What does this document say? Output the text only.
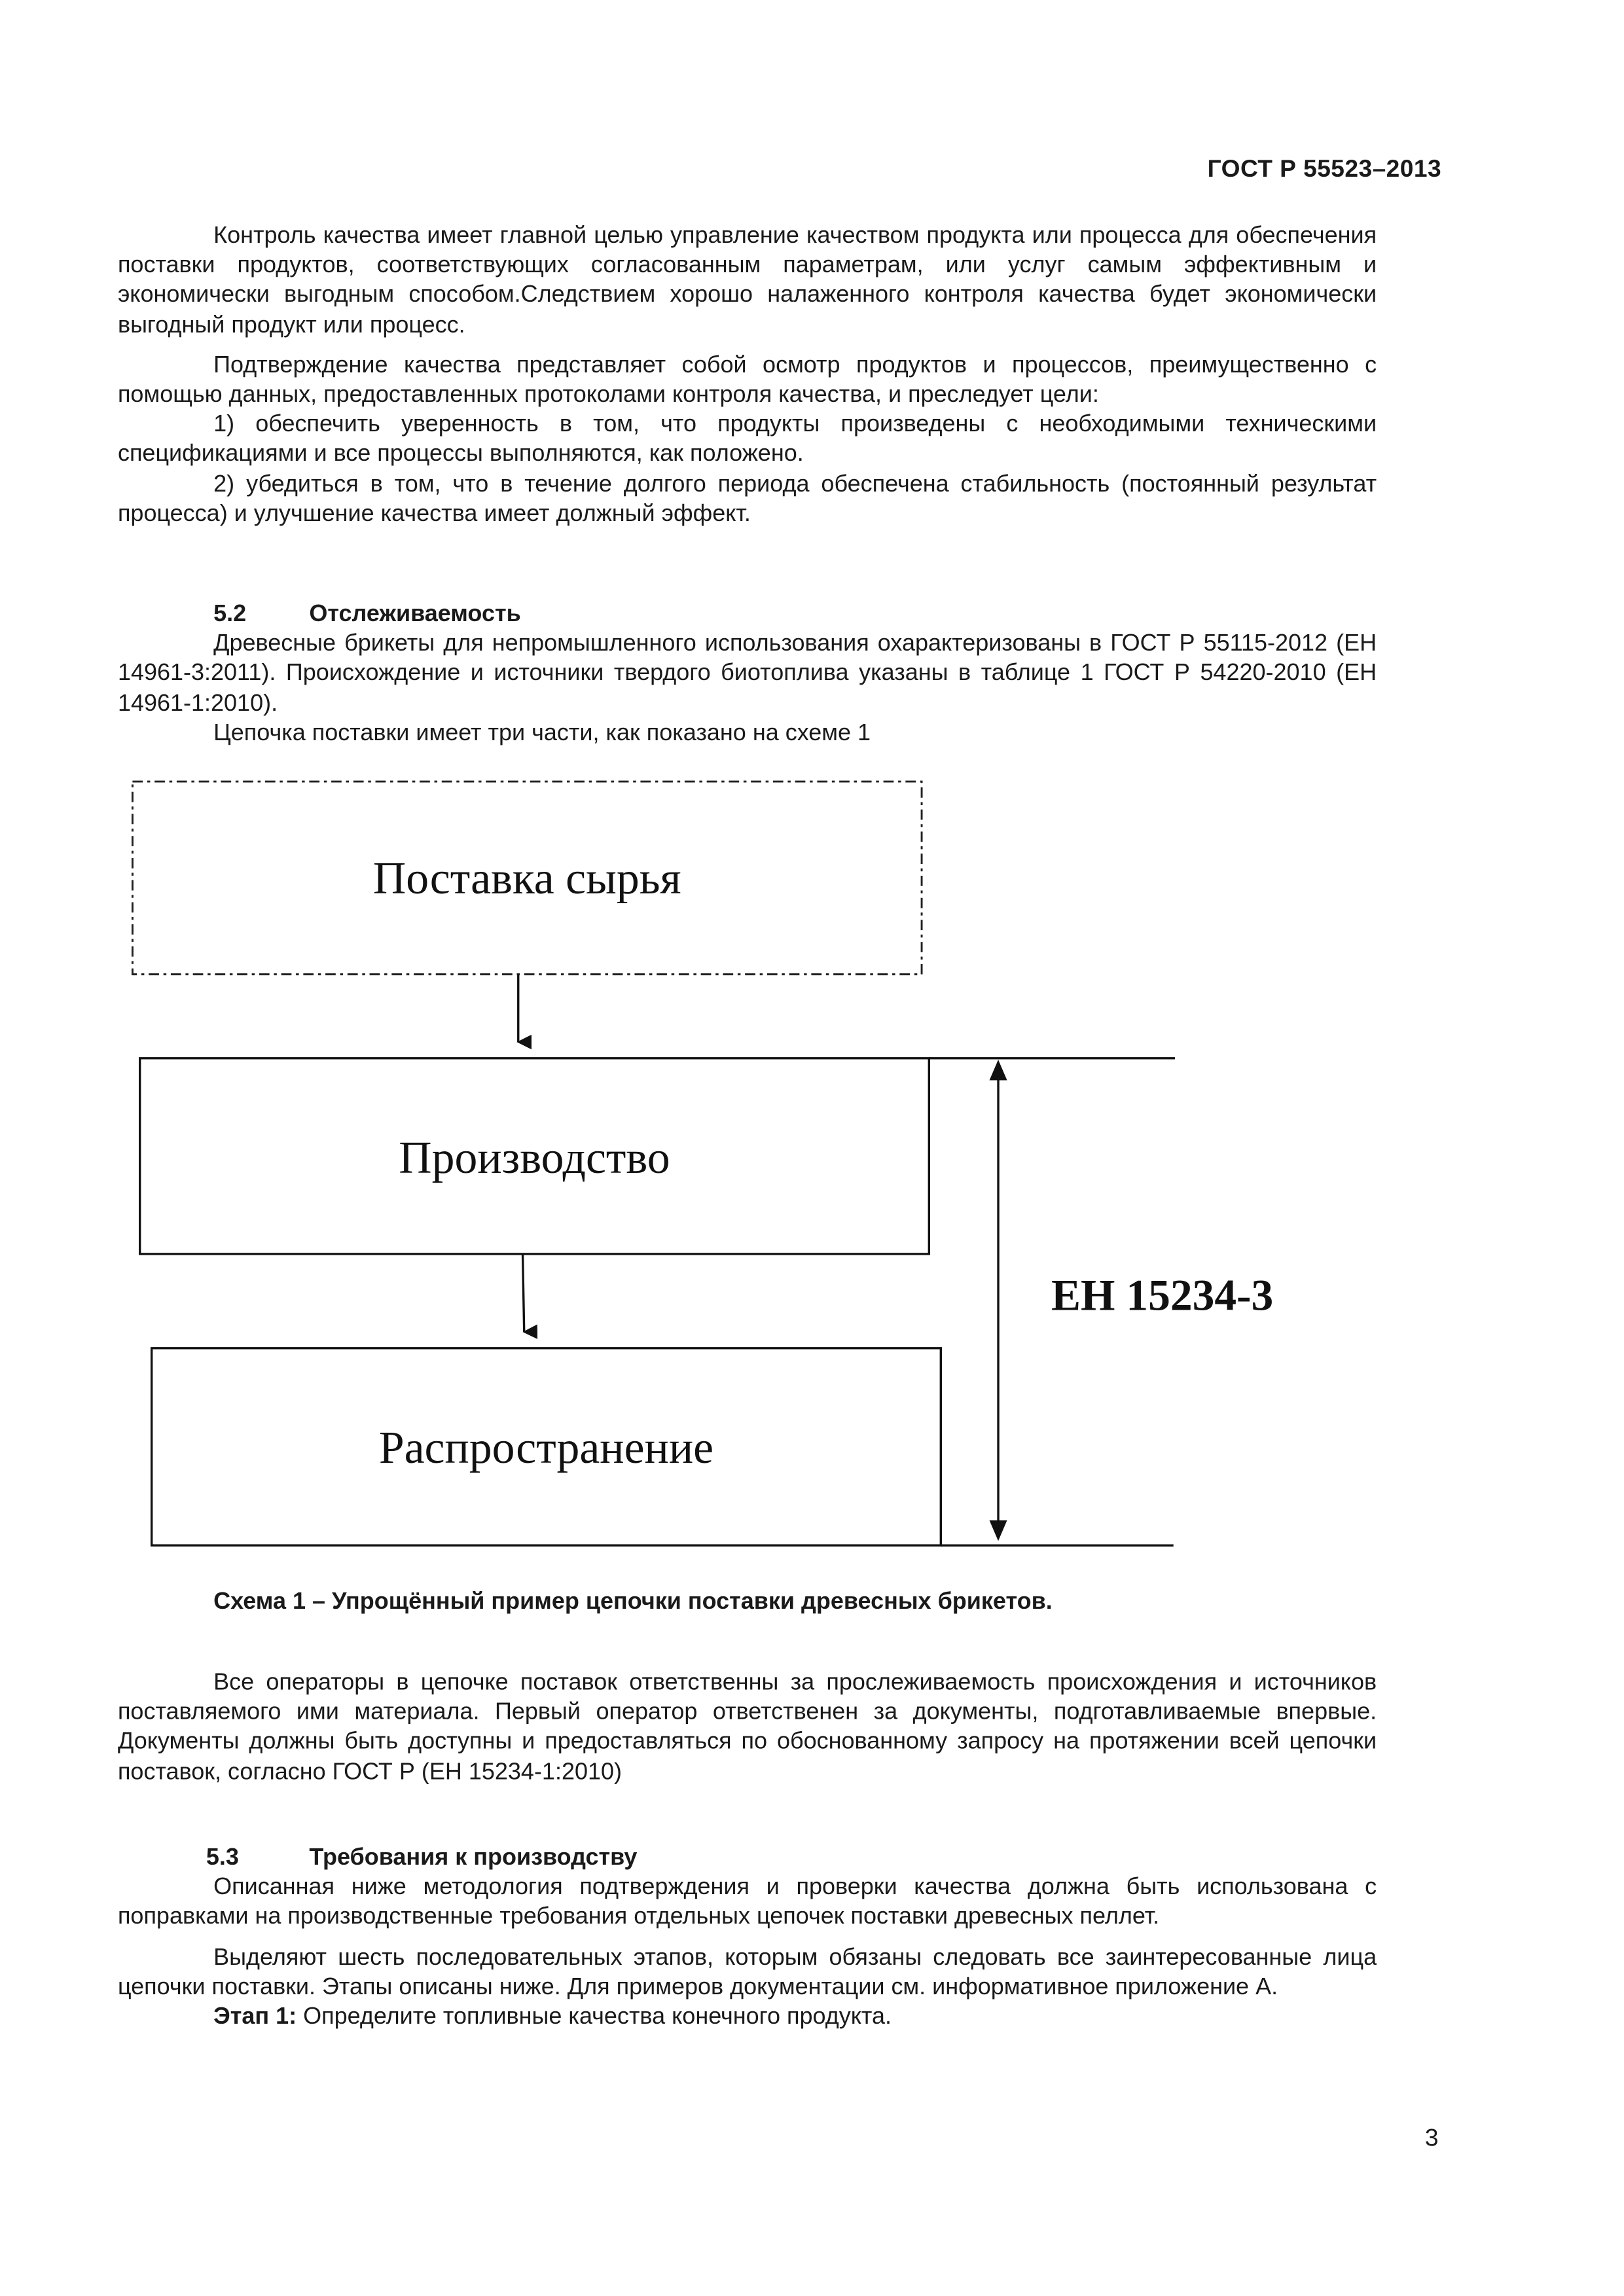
ГОСТ Р 55523–2013

Контроль качества имеет главной целью управление качеством продукта или процесса для обеспечения поставки продуктов, соответствующих согласованным параметрам, или услуг самым эффективным и экономически выгодным способом.Следствием хорошо налаженного контроля качества будет экономически выгодный продукт или процесс.

Подтверждение качества представляет собой осмотр продуктов и процессов, преимущественно с помощью данных, предоставленных протоколами контроля качества, и преследует цели:

1) обеспечить уверенность в том, что продукты произведены с необходимыми техническими спецификациями и все процессы выполняются, как положено.

2) убедиться в том, что в течение долгого периода обеспечена стабильность (постоянный результат процесса) и улучшение качества имеет должный эффект.

5.2	Отслеживаемость

Древесные брикеты для непромышленного использования охарактеризованы в ГОСТ Р 55115-2012 (ЕН 14961-3:2011). Происхождение и источники твердого биотоплива указаны в таблице 1 ГОСТ Р 54220-2010 (ЕН 14961-1:2010).

Цепочка поставки имеет три части, как показано на схеме 1

Поставка сырья
Производство
Распространение
ЕН 15234-3
Схема 1 – Упрощённый пример цепочки поставки древесных брикетов.

Все операторы в цепочке поставок ответственны за прослеживаемость происхождения и источников поставляемого ими материала. Первый оператор ответственен за документы, подготавливаемые впервые. Документы должны быть доступны и предоставляться по обоснованному запросу на протяжении всей цепочки поставок, согласно ГОСТ Р (ЕН 15234-1:2010)

5.3	Требования к производству

Описанная ниже методология подтверждения и проверки качества должна быть использована с поправками на производственные требования отдельных цепочек поставки древесных пеллет.

Выделяют шесть последовательных этапов, которым обязаны следовать все заинтересованные лица цепочки поставки. Этапы описаны ниже. Для примеров документации см. информативное приложение А.

Этап 1: Определите топливные качества конечного продукта.

3
